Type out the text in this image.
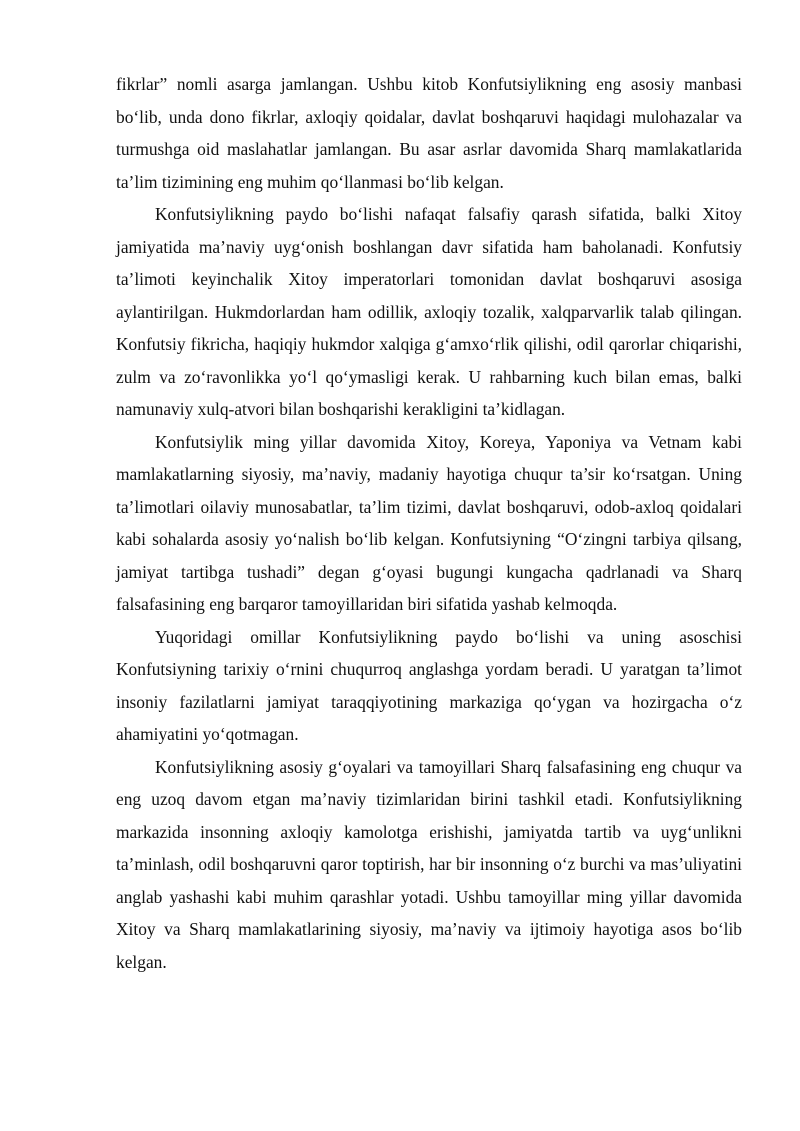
fikrlar” nomli asarga jamlangan. Ushbu kitob Konfutsiylikning eng asosiy manbasi bo‘lib, unda dono fikrlar, axloqiy qoidalar, davlat boshqaruvi haqidagi mulohazalar va turmushga oid maslahatlar jamlangan. Bu asar asrlar davomida Sharq mamlakatlarida ta’lim tizimining eng muhim qo‘llanmasi bo‘lib kelgan.

Konfutsiylikning paydo bo‘lishi nafaqat falsafiy qarash sifatida, balki Xitoy jamiyatida ma’naviy uyg‘onish boshlangan davr sifatida ham baholanadi. Konfutsiy ta’limoti keyinchalik Xitoy imperatorlari tomonidan davlat boshqaruvi asosiga aylantirilgan. Hukmdorlardan ham odillik, axloqiy tozalik, xalqparvarlik talab qilingan. Konfutsiy fikricha, haqiqiy hukmdor xalqiga g‘amxo‘rlik qilishi, odil qarorlar chiqarishi, zulm va zo‘ravonlikka yo‘l qo‘ymasligi kerak. U rahbarning kuch bilan emas, balki namunaviy xulq-atvori bilan boshqarishi kerakligini ta’kidlagan.

Konfutsiylik ming yillar davomida Xitoy, Koreya, Yaponiya va Vetnam kabi mamlakatlarning siyosiy, ma’naviy, madaniy hayotiga chuqur ta’sir ko‘rsatgan. Uning ta’limotlari oilaviy munosabatlar, ta’lim tizimi, davlat boshqaruvi, odob-axloq qoidalari kabi sohalarda asosiy yo‘nalish bo‘lib kelgan. Konfutsiyning “O‘zingni tarbiya qilsang, jamiyat tartibga tushadi” degan g‘oyasi bugungi kungacha qadrlanadi va Sharq falsafasining eng barqaror tamoyillaridan biri sifatida yashab kelmoqda.

Yuqoridagi omillar Konfutsiylikning paydo bo‘lishi va uning asoschisi Konfutsiyning tarixiy o‘rnini chuqurroq anglashga yordam beradi. U yaratgan ta’limot insoniy fazilatlarni jamiyat taraqqiyotining markaziga qo‘ygan va hozirgacha o‘z ahamiyatini yo‘qotmagan.

Konfutsiylikning asosiy g‘oyalari va tamoyillari Sharq falsafasining eng chuqur va eng uzoq davom etgan ma’naviy tizimlaridan birini tashkil etadi. Konfutsiylikning markazida insonning axloqiy kamolotga erishishi, jamiyatda tartib va uyg‘unlikni ta’minlash, odil boshqaruvni qaror toptirish, har bir insonning o‘z burchi va mas’uliyatini anglab yashashi kabi muhim qarashlar yotadi. Ushbu tamoyillar ming yillar davomida Xitoy va Sharq mamlakatlarining siyosiy, ma’naviy va ijtimoiy hayotiga asos bo‘lib kelgan.
